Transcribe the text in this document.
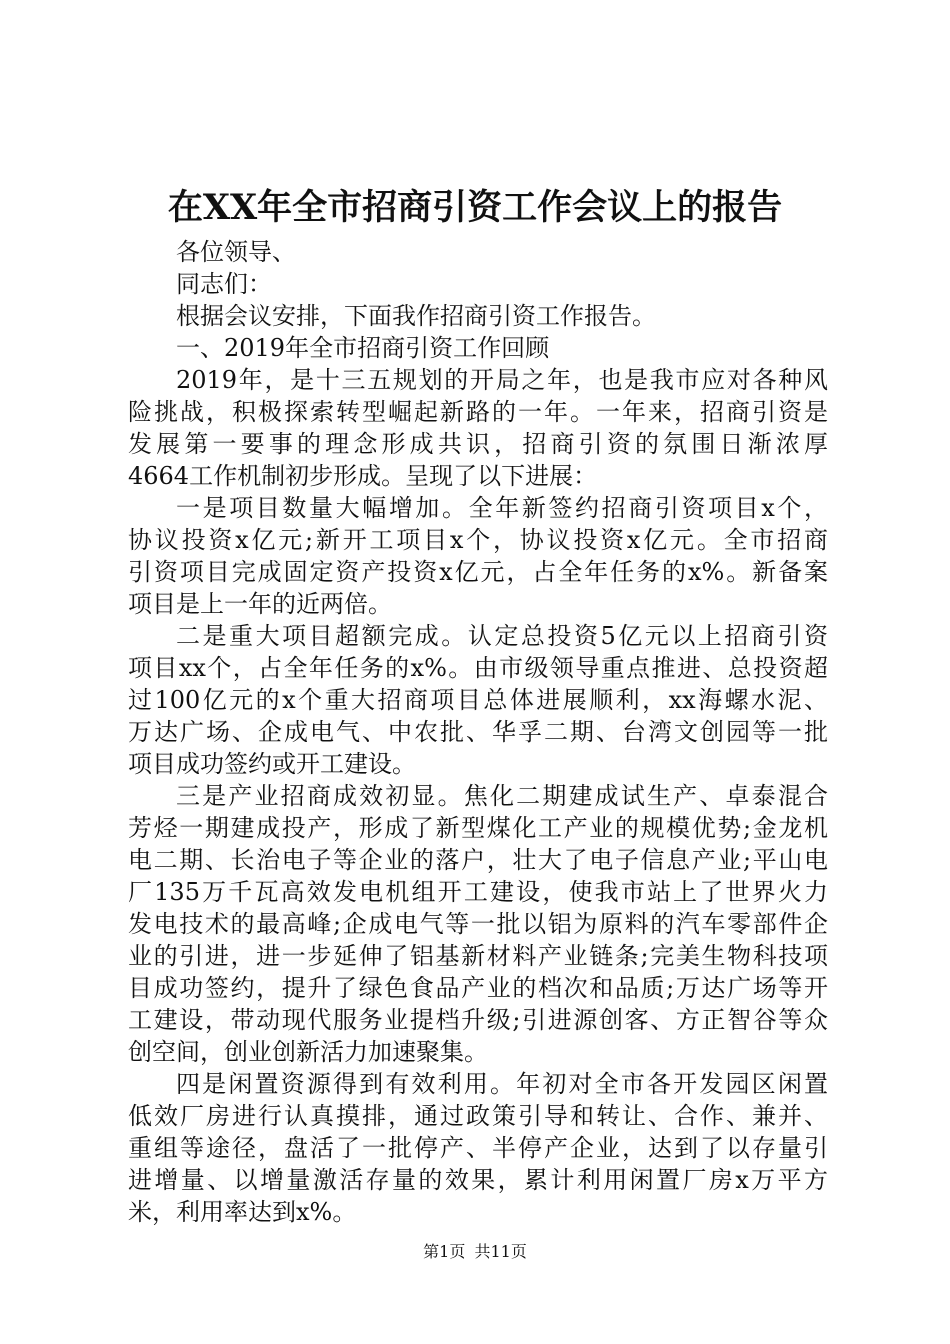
在XX年全市招商引资工作会议上的报告
各位领导、
同志们：
根据会议安排，下面我作招商引资工作报告。
一、2019年全市招商引资工作回顾
2019年，是十三五规划的开局之年，也是我市应对各种风
险挑战，积极探索转型崛起新路的一年。一年来，招商引资是
发展第一要事的理念形成共识，招商引资的氛围日渐浓厚
4664工作机制初步形成。呈现了以下进展：
一是项目数量大幅增加。全年新签约招商引资项目x个，
协议投资x亿元;新开工项目x个，协议投资x亿元。全市招商
引资项目完成固定资产投资x亿元，占全年任务的x%。新备案
项目是上一年的近两倍。
二是重大项目超额完成。认定总投资5亿元以上招商引资
项目xx个，占全年任务的x%。由市级领导重点推进、总投资超
过100亿元的x个重大招商项目总体进展顺利，xx海螺水泥、
万达广场、企成电气、中农批、华孚二期、台湾文创园等一批
项目成功签约或开工建设。
三是产业招商成效初显。焦化二期建成试生产、卓泰混合
芳烃一期建成投产，形成了新型煤化工产业的规模优势;金龙机
电二期、长治电子等企业的落户，壮大了电子信息产业;平山电
厂135万千瓦高效发电机组开工建设，使我市站上了世界火力
发电技术的最高峰;企成电气等一批以铝为原料的汽车零部件企
业的引进，进一步延伸了铝基新材料产业链条;完美生物科技项
目成功签约，提升了绿色食品产业的档次和品质;万达广场等开
工建设，带动现代服务业提档升级;引进源创客、方正智谷等众
创空间，创业创新活力加速聚集。
四是闲置资源得到有效利用。年初对全市各开发园区闲置
低效厂房进行认真摸排，通过政策引导和转让、合作、兼并、
重组等途径，盘活了一批停产、半停产企业，达到了以存量引
进增量、以增量激活存量的效果，累计利用闲置厂房x万平方
米，利用率达到x%。
第1页 共11页
